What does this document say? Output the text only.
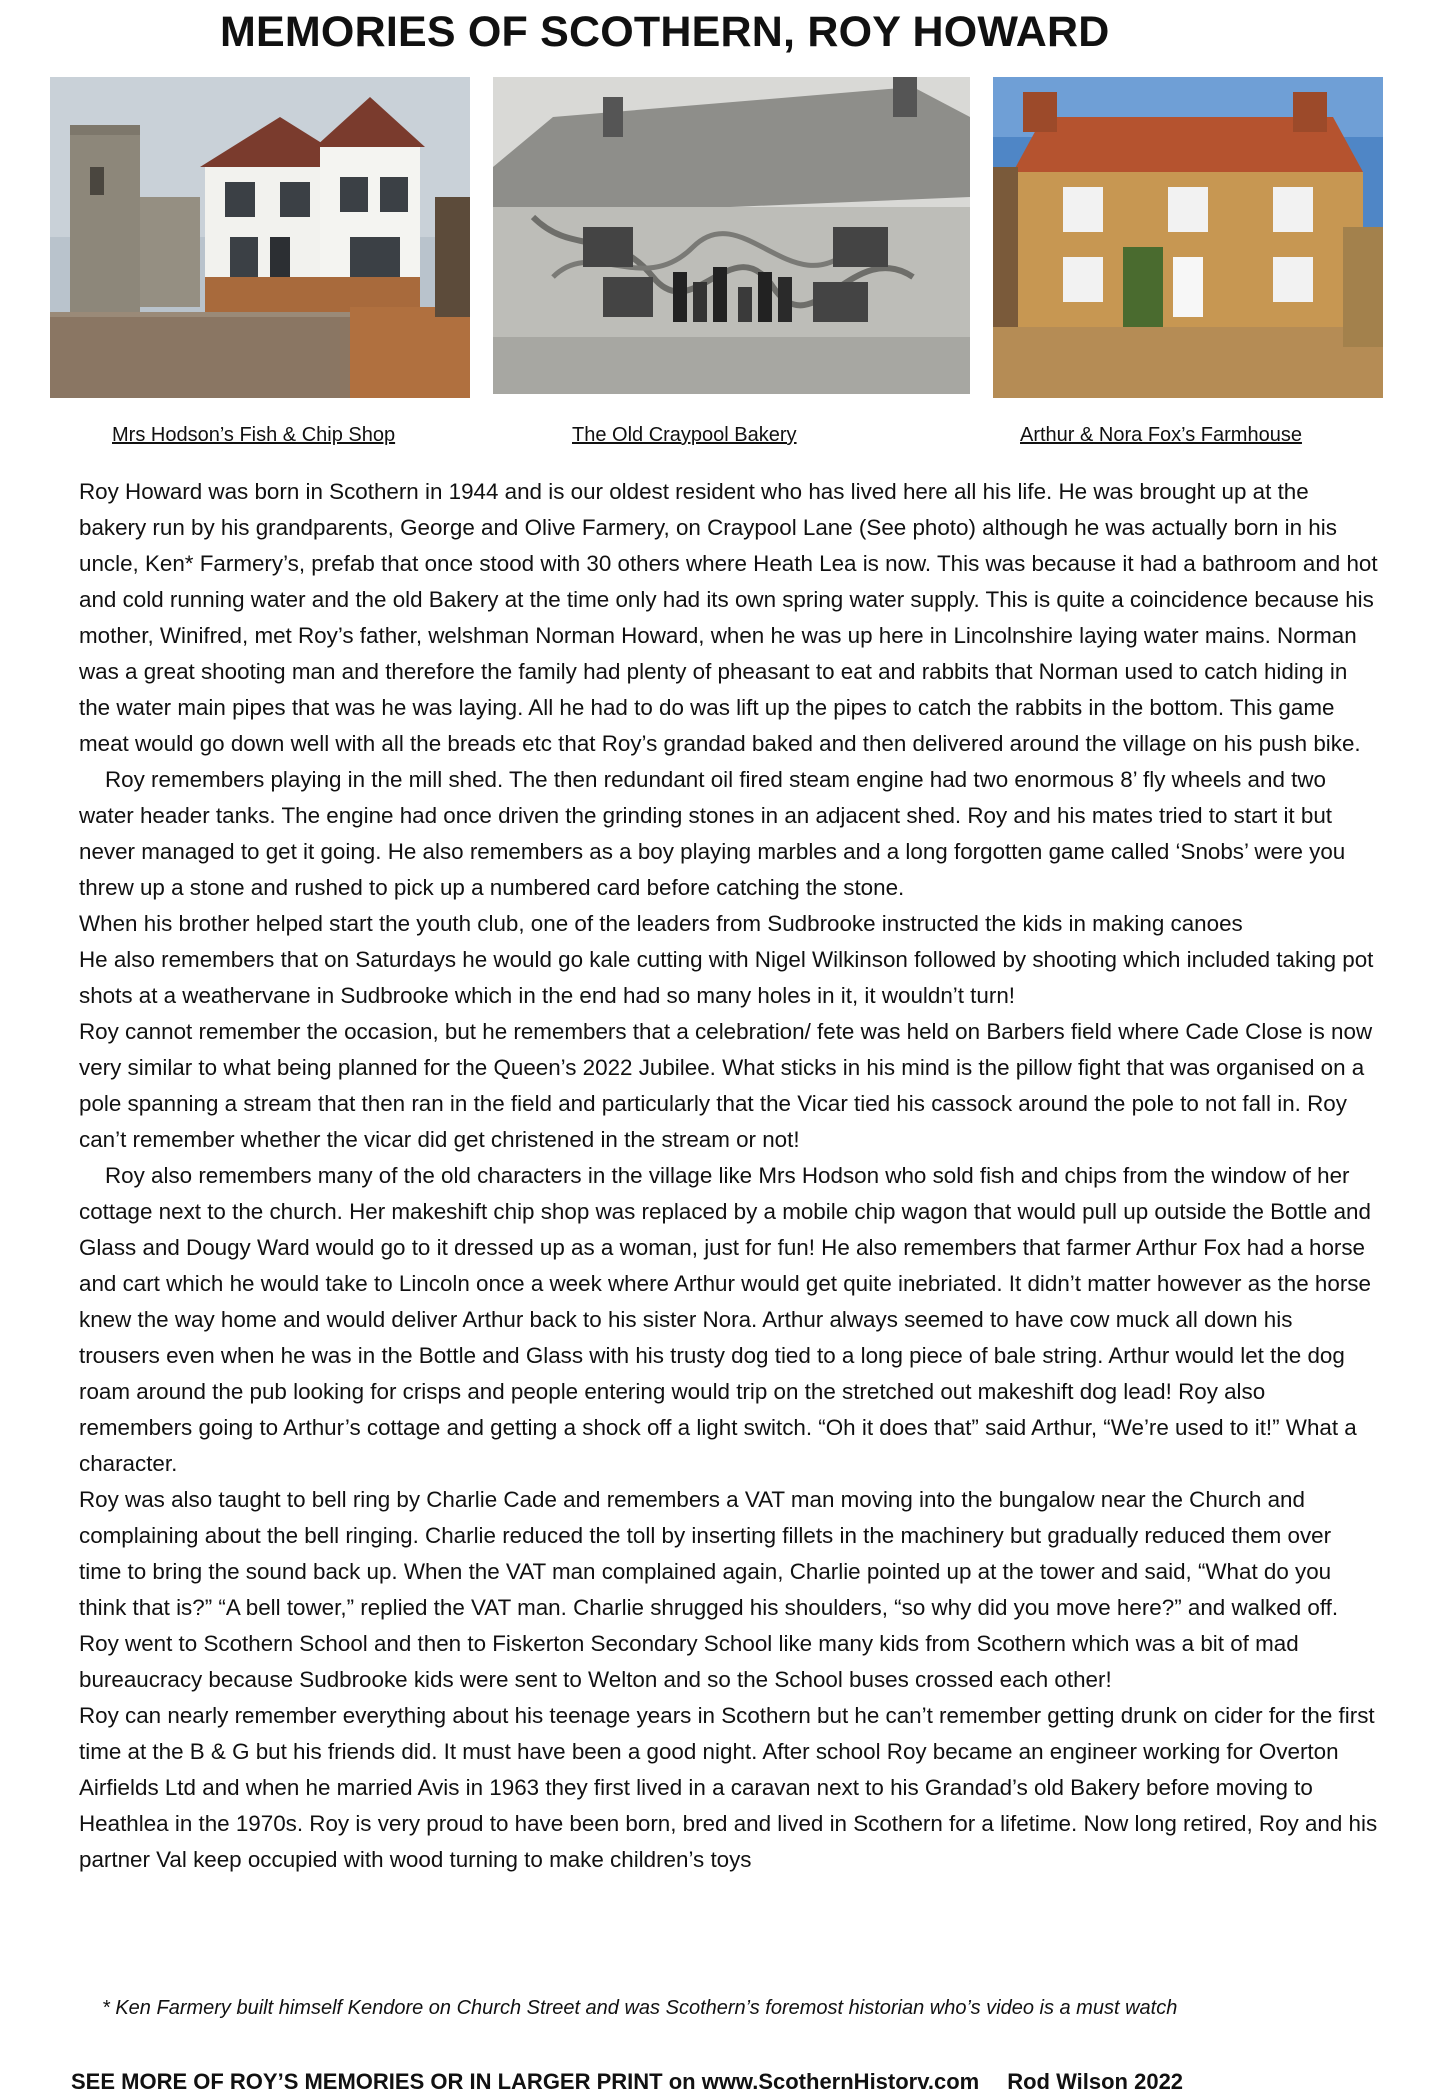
MEMORIES OF SCOTHERN, ROY HOWARD
Mrs Hodson’s Fish & Chip Shop	The Old Craypool Bakery	Arthur & Nora Fox’s Farmhouse

Roy Howard was born in Scothern in 1944 and is our oldest resident who has lived here all his life. He was brought up at the bakery run by his grandparents, George and Olive Farmery, on Craypool Lane (See photo) although he was actually born in his uncle, Ken* Farmery’s, prefab that once stood with 30 others where Heath Lea is now. This was because it had a bathroom and hot and cold running water and the old Bakery at the time only had its own spring water supply. This is quite a coincidence because his mother, Winifred, met Roy’s father, welshman Norman Howard, when he was up here in Lincolnshire laying water mains. Norman was a great shooting man and therefore the family had plenty of pheasant to eat and rabbits that Norman used to catch hiding in the water main pipes that was he was laying. All he had to do was lift up the pipes to catch the rabbits in the bottom. This game meat would go down well with all the breads etc that Roy’s grandad baked and then delivered around the village on his push bike.

Roy remembers playing in the mill shed. The then redundant oil fired steam engine had two enormous 8’ fly wheels and two water header tanks. The engine had once driven the grinding stones in an adjacent shed. Roy and his mates tried to start it but never managed to get it going. He also remembers as a boy playing marbles and a long forgotten game called ‘Snobs’ were you threw up a stone and rushed to pick up a numbered card before catching the stone.

When his brother helped start the youth club, one of the leaders from Sudbrooke instructed the kids in making canoes

He also remembers that on Saturdays he would go kale cutting with Nigel Wilkinson followed by shooting which included taking pot shots at a weathervane in Sudbrooke which in the end had so many holes in it, it wouldn’t turn!

Roy cannot remember the occasion, but he remembers that a celebration/ fete was held on Barbers field where Cade Close is now very similar to what being planned for the Queen’s 2022 Jubilee. What sticks in his mind is the pillow fight that was organised on a pole spanning a stream that then ran in the field and particularly that the Vicar tied his cassock around the pole to not fall in. Roy can’t remember whether the vicar did get christened in the stream or not!

Roy also remembers many of the old characters in the village like Mrs Hodson who sold fish and chips from the window of her cottage next to the church. Her makeshift chip shop was replaced by a mobile chip wagon that would pull up outside the Bottle and Glass and Dougy Ward would go to it dressed up as a woman, just for fun! He also remembers that farmer Arthur Fox had a horse and cart which he would take to Lincoln once a week where Arthur would get quite inebriated. It didn’t matter however as the horse knew the way home and would deliver Arthur back to his sister Nora. Arthur always seemed to have cow muck all down his trousers even when he was in the Bottle and Glass with his trusty dog tied to a long piece of bale string. Arthur would let the dog roam around the pub looking for crisps and people entering would trip on the stretched out makeshift dog lead! Roy also remembers going to Arthur’s cottage and getting a shock off a light switch. “Oh it does that” said Arthur, “We’re used to it!” What a character.

Roy was also taught to bell ring by Charlie Cade and remembers a VAT man moving into the bungalow near the Church and complaining about the bell ringing. Charlie reduced the toll by inserting fillets in the machinery but gradually reduced them over time to bring the sound back up. When the VAT man complained again, Charlie pointed up at the tower and said, “What do you think that is?” “A bell tower,” replied the VAT man. Charlie shrugged his shoulders, “so why did you move here?” and walked off.

Roy went to Scothern School and then to Fiskerton Secondary School like many kids from Scothern which was a bit of mad bureaucracy because Sudbrooke kids were sent to Welton and so the School buses crossed each other!

Roy can nearly remember everything about his teenage years in Scothern but he can’t remember getting drunk on cider for the first time at the B & G but his friends did. It must have been a good night. After school Roy became an engineer working for Overton Airfields Ltd and when he married Avis in 1963 they first lived in a caravan next to his Grandad’s old Bakery before moving to Heathlea in the 1970s. Roy is very proud to have been born, bred and lived in Scothern for a lifetime. Now long retired, Roy and his partner Val keep occupied with wood turning to make children’s toys

* Ken Farmery built himself Kendore on Church Street and was Scothern’s foremost historian who’s video is a must watch
SEE MORE OF ROY’S MEMORIES OR IN LARGER PRINT on www.ScothernHistorv.com Rod Wilson 2022
